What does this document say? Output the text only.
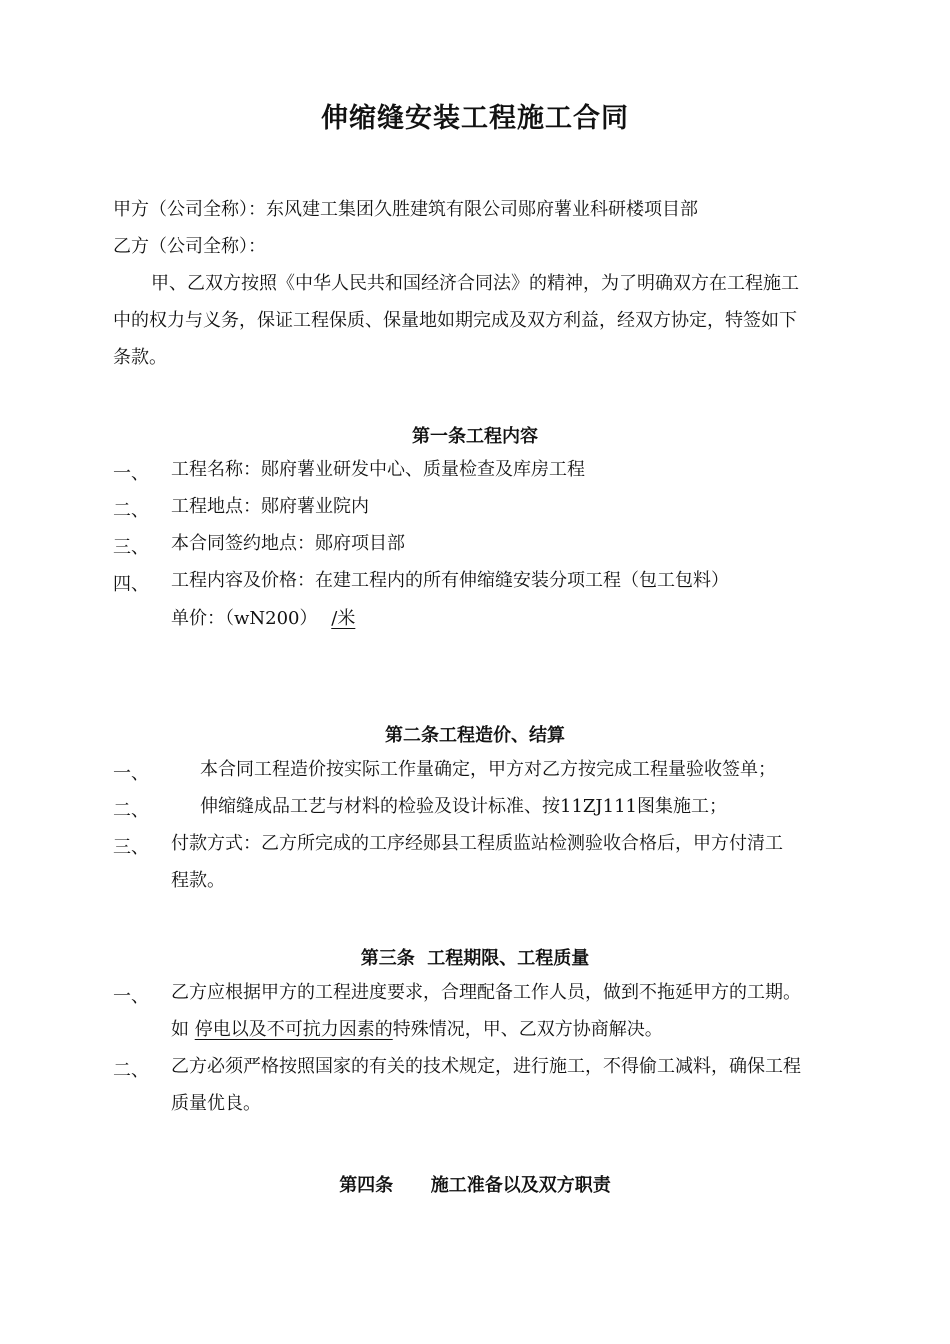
伸缩缝安装工程施工合同
甲方（公司全称）：东风建工集团久胜建筑有限公司郧府薯业科研楼项目部
乙方（公司全称）：
甲、乙双方按照《中华人民共和国经济合同法》的精神，为了明确双方在工程施工
中的权力与义务，保证工程保质、保量地如期完成及双方利益，经双方协定，特签如下
条款。
第一条工程内容
一、 工程名称：郧府薯业研发中心、质量检查及库房工程
二、 工程地点：郧府薯业院内
三、 本合同签约地点：郧府项目部
四、 工程内容及价格：在建工程内的所有伸缩缝安装分项工程（包工包料）
单价：（wN200） /米
第二条工程造价、结算
一、	本合同工程造价按实际工作量确定，甲方对乙方按完成工程量验收签单；
二、	伸缩缝成品工艺与材料的检验及设计标准、按11ZJ111图集施工；
三、 付款方式：乙方所完成的工序经郧县工程质监站检测验收合格后，甲方付清工
程款。
第三条  工程期限、工程质量
一、 乙方应根据甲方的工程进度要求，合理配备工作人员，做到不拖延甲方的工期。
如 停电以及不可抗力因素的特殊情况，甲、乙双方协商解决。
二、 乙方必须严格按照国家的有关的技术规定，进行施工，不得偷工减料，确保工程
质量优良。
第四条      施工准备以及双方职责
